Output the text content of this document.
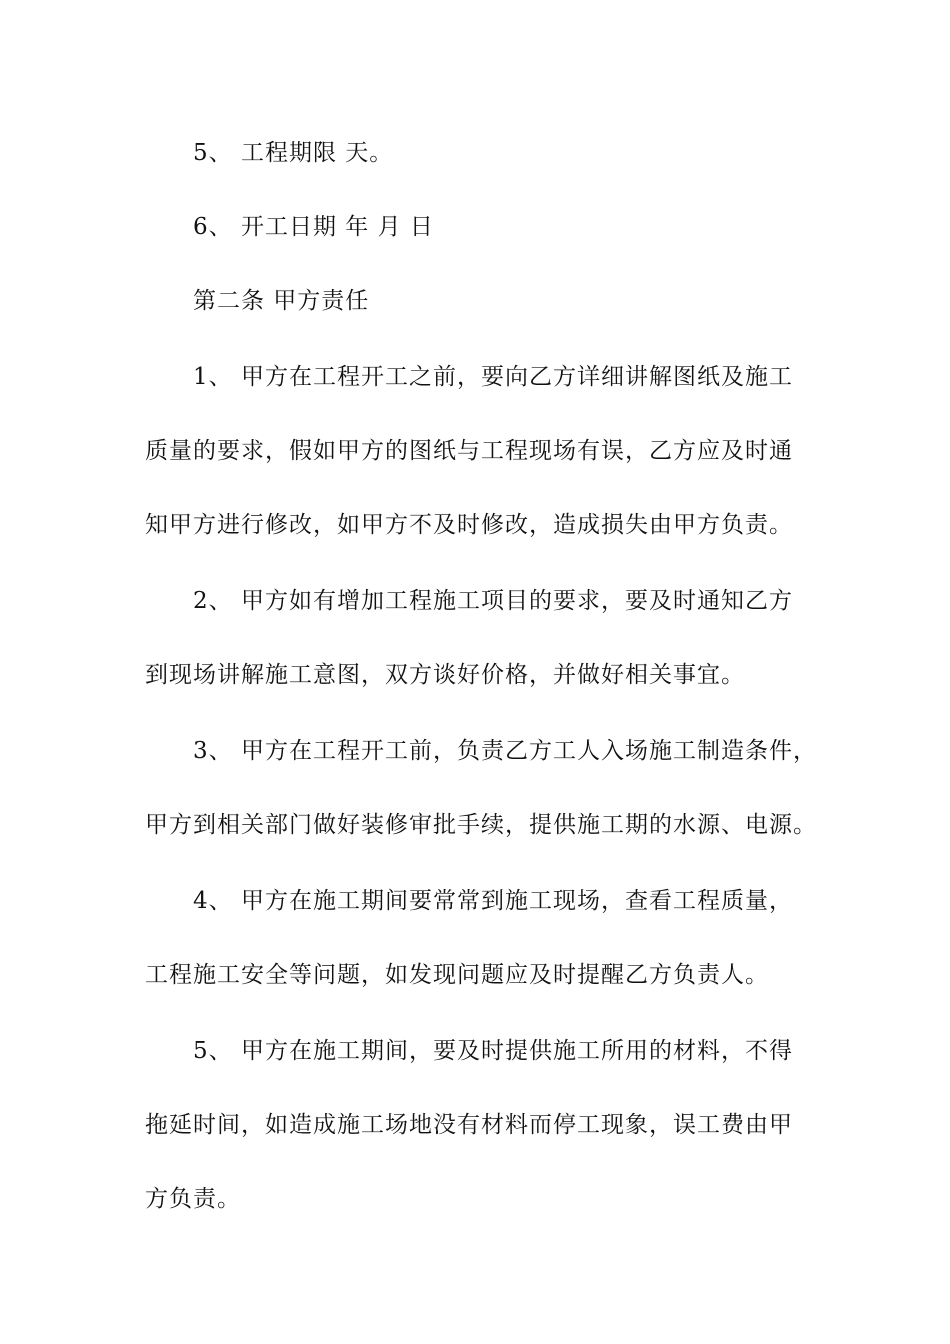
5、 工程期限 天。
6、 开工日期 年 月 日
第二条 甲方责任
1、 甲方在工程开工之前，要向乙方详细讲解图纸及施工
质量的要求，假如甲方的图纸与工程现场有误，乙方应及时通
知甲方进行修改，如甲方不及时修改，造成损失由甲方负责。
2、 甲方如有增加工程施工项目的要求，要及时通知乙方
到现场讲解施工意图，双方谈好价格，并做好相关事宜。
3、 甲方在工程开工前，负责乙方工人入场施工制造条件，
甲方到相关部门做好装修审批手续，提供施工期的水源、电源。
4、 甲方在施工期间要常常到施工现场，查看工程质量，
工程施工安全等问题，如发现问题应及时提醒乙方负责人。
5、 甲方在施工期间，要及时提供施工所用的材料，不得
拖延时间，如造成施工场地没有材料而停工现象，误工费由甲
方负责。
